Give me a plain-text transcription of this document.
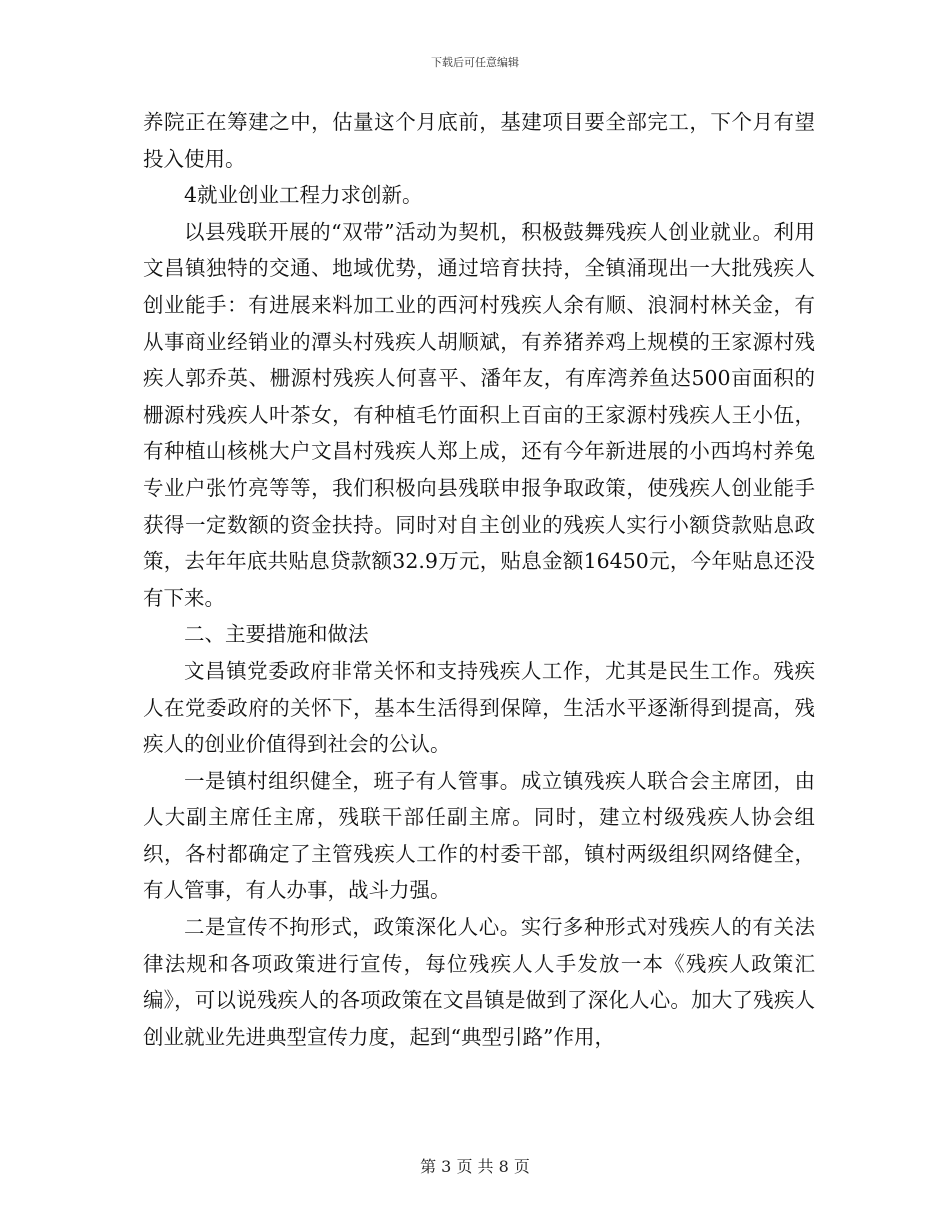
下载后可任意编辑

养院正在筹建之中，估量这个月底前，基建项目要全部完工，下个月有望投入使用。

4就业创业工程力求创新。

以县残联开展的“双带”活动为契机，积极鼓舞残疾人创业就业。利用文昌镇独特的交通、地域优势，通过培育扶持，全镇涌现出一大批残疾人创业能手：有进展来料加工业的西河村残疾人余有顺、浪洞村林关金，有从事商业经销业的潭头村残疾人胡顺斌，有养猪养鸡上规模的王家源村残疾人郭乔英、栅源村残疾人何喜平、潘年友，有库湾养鱼达500亩面积的栅源村残疾人叶茶女，有种植毛竹面积上百亩的王家源村残疾人王小伍，有种植山核桃大户文昌村残疾人郑上成，还有今年新进展的小西坞村养兔专业户张竹亮等等，我们积极向县残联申报争取政策，使残疾人创业能手获得一定数额的资金扶持。同时对自主创业的残疾人实行小额贷款贴息政策，去年年底共贴息贷款额32.9万元，贴息金额16450元，今年贴息还没有下来。

二、主要措施和做法

文昌镇党委政府非常关怀和支持残疾人工作，尤其是民生工作。残疾人在党委政府的关怀下，基本生活得到保障，生活水平逐渐得到提高，残疾人的创业价值得到社会的公认。

一是镇村组织健全，班子有人管事。成立镇残疾人联合会主席团，由人大副主席任主席，残联干部任副主席。同时，建立村级残疾人协会组织，各村都确定了主管残疾人工作的村委干部，镇村两级组织网络健全，有人管事，有人办事，战斗力强。

二是宣传不拘形式，政策深化人心。实行多种形式对残疾人的有关法律法规和各项政策进行宣传，每位残疾人人手发放一本《残疾人政策汇编》，可以说残疾人的各项政策在文昌镇是做到了深化人心。加大了残疾人创业就业先进典型宣传力度，起到“典型引路”作用，

第 3 页 共 8 页
